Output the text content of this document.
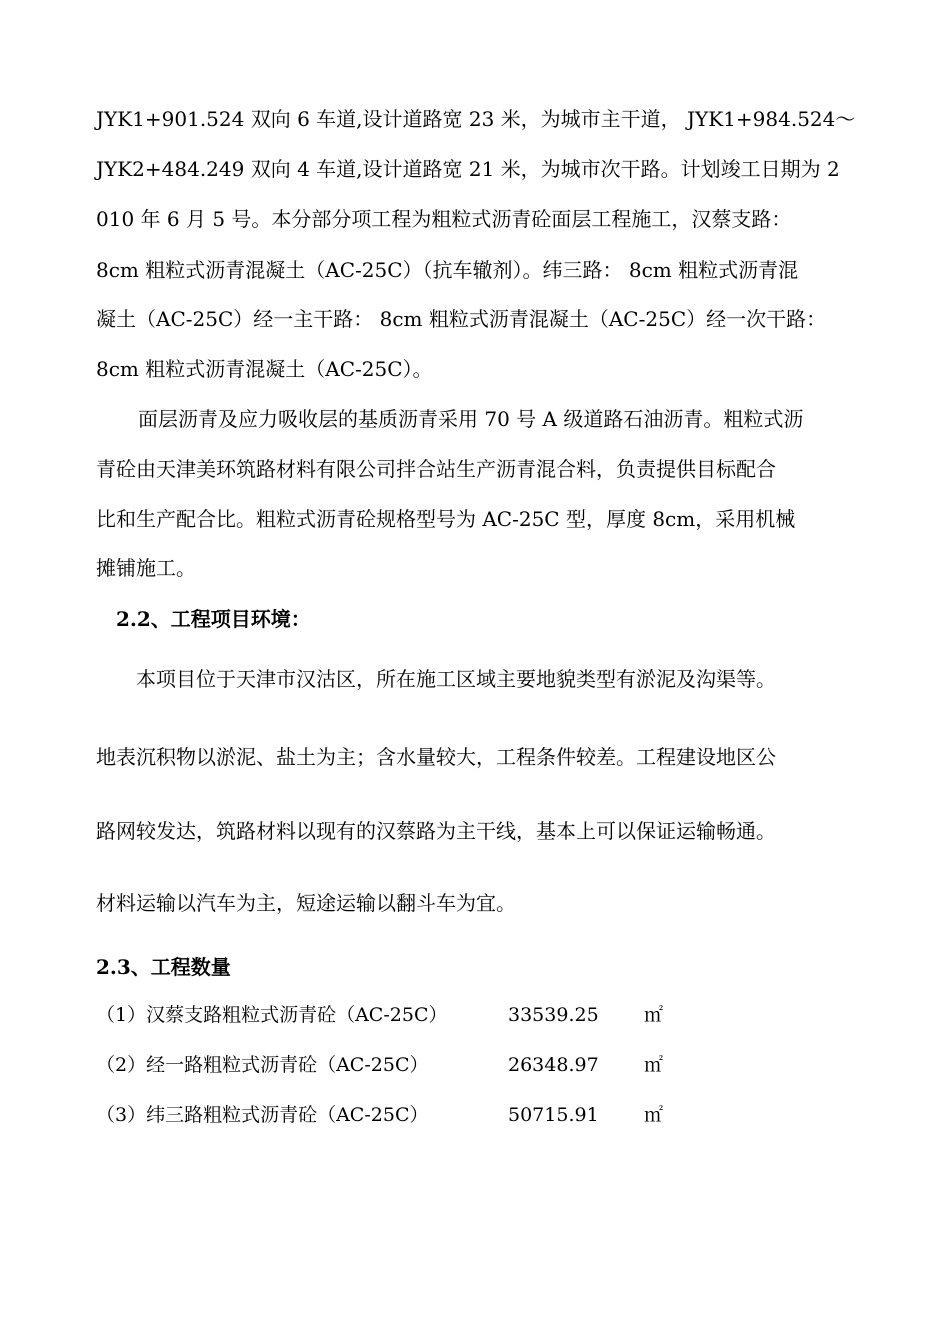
JYK1+901.524 双向 6 车道,设计道路宽 23 米，为城市主干道， JYK1+984.524～
JYK2+484.249 双向 4 车道,设计道路宽 21 米，为城市次干路。计划竣工日期为 2
010 年 6 月 5 号。本分部分项工程为粗粒式沥青砼面层工程施工，汉蔡支路：
8cm 粗粒式沥青混凝土（AC-25C）（抗车辙剂）。纬三路： 8cm 粗粒式沥青混
凝土（AC-25C）经一主干路： 8cm 粗粒式沥青混凝土（AC-25C）经一次干路：
8cm 粗粒式沥青混凝土（AC-25C）。
面层沥青及应力吸收层的基质沥青采用 70 号 A 级道路石油沥青。粗粒式沥
青砼由天津美环筑路材料有限公司拌合站生产沥青混合料，负责提供目标配合
比和生产配合比。粗粒式沥青砼规格型号为 AC-25C 型，厚度 8cm，采用机械
摊铺施工。
2.2、工程项目环境：
本项目位于天津市汉沽区，所在施工区域主要地貌类型有淤泥及沟渠等。
地表沉积物以淤泥、盐土为主；含水量较大，工程条件较差。工程建设地区公
路网较发达，筑路材料以现有的汉蔡路为主干线，基本上可以保证运输畅通。
材料运输以汽车为主，短途运输以翻斗车为宜。
2.3、工程数量
（1）汉蔡支路粗粒式沥青砼（AC-25C）	33539.25 ㎡
（2）经一路粗粒式沥青砼（AC-25C）	26348.97 ㎡
（3）纬三路粗粒式沥青砼（AC-25C）	50715.91 ㎡
